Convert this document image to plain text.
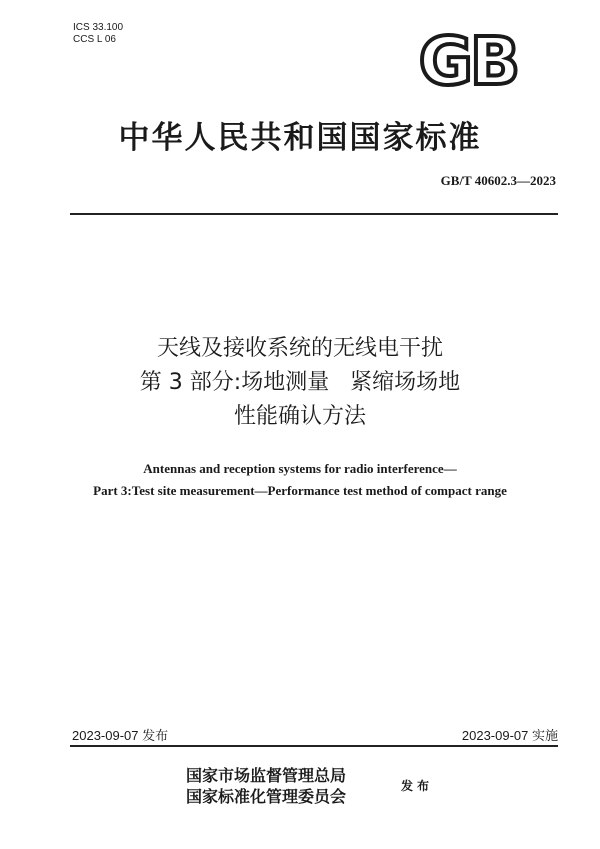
ICS 33.100
CCS L 06	GB
中华人民共和国国家标准
GB/T 40602.3—2023
天线及接收系统的无线电干扰
第 3 部分:场地测量   紧缩场场地
性能确认方法
Antennas and reception systems for radio interference—
Part 3:Test site measurement—Performance test method of compact range
2023-09-07 发布	2023-09-07 实施
国家市场监督管理总局
国家标准化管理委员会
发布
